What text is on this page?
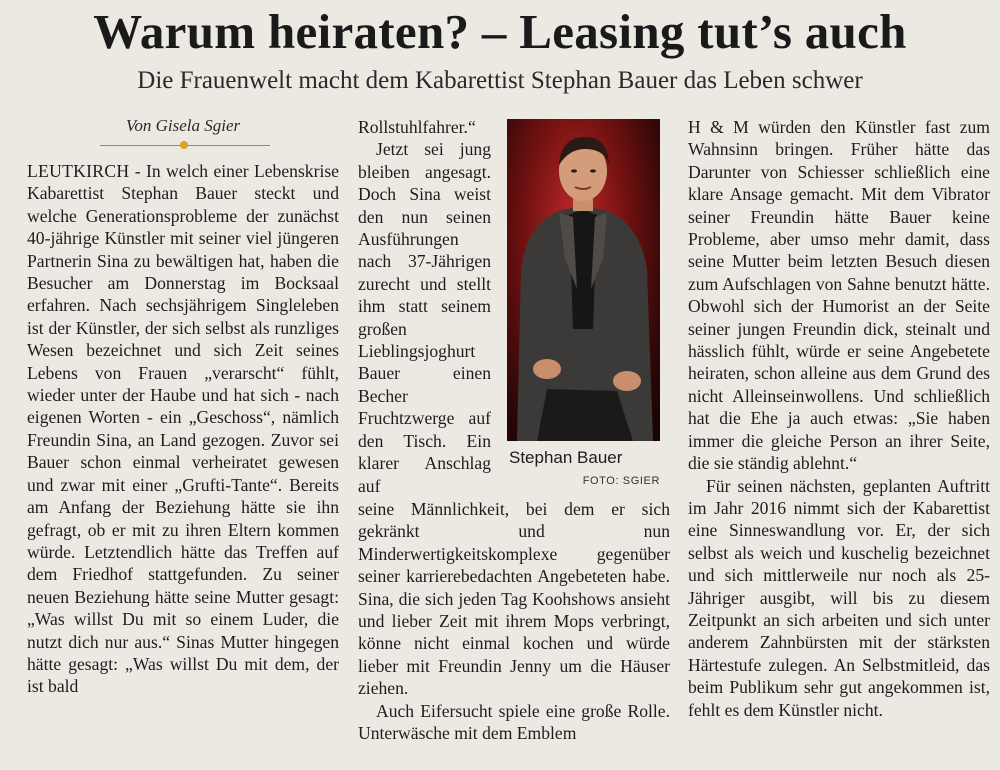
Warum heiraten? – Leasing tut’s auch
Die Frauenwelt macht dem Kabarettist Stephan Bauer das Leben schwer
Von Gisela Sgier

LEUTKIRCH - In welch einer Lebenskrise Kabarettist Stephan Bauer steckt und welche Generationsprobleme der zunächst 40-jährige Künstler mit seiner viel jüngeren Partnerin Sina zu bewältigen hat, haben die Besucher am Donnerstag im Bocksaal erfahren. Nach sechsjährigem Singleleben ist der Künstler, der sich selbst als runzliges Wesen bezeichnet und sich Zeit seines Lebens von Frauen „verarscht“ fühlt, wieder unter der Haube und hat sich - nach eigenen Worten - ein „Geschoss“, nämlich Freundin Sina, an Land gezogen. Zuvor sei Bauer schon einmal verheiratet gewesen und zwar mit einer „Grufti-Tante“. Bereits am Anfang der Beziehung hätte sie ihn gefragt, ob er mit zu ihren Eltern kommen würde. Letztendlich hätte das Treffen auf dem Friedhof stattgefunden. Zu seiner neuen Beziehung hätte seine Mutter gesagt: „Was willst Du mit so einem Luder, die nutzt dich nur aus.“ Sinas Mutter hingegen hätte gesagt: „Was willst Du mit dem, der ist bald

Rollstuhlfahrer.“

Jetzt sei jung bleiben angesagt. Doch Sina weist den nun seinen Ausführungen nach 37-Jährigen zurecht und stellt ihm statt seinem großen Lieblingsjoghurt Bauer einen Becher Fruchtzwerge auf den Tisch. Ein klarer Anschlag auf

Stephan Bauer
FOTO: SGIER

seine Männlichkeit, bei dem er sich gekränkt und nun Minderwertigkeitskomplexe gegenüber seiner karrierebedachten Angebeteten habe. Sina, die sich jeden Tag Koohshows ansieht und lieber Zeit mit ihrem Mops verbringt, könne nicht einmal kochen und würde lieber mit Freundin Jenny um die Häuser ziehen.

Auch Eifersucht spiele eine große Rolle. Unterwäsche mit dem Emblem

H & M würden den Künstler fast zum Wahnsinn bringen. Früher hätte das Darunter von Schiesser schließlich eine klare Ansage gemacht. Mit dem Vibrator seiner Freundin hätte Bauer keine Probleme, aber umso mehr damit, dass seine Mutter beim letzten Besuch diesen zum Aufschlagen von Sahne benutzt hätte. Obwohl sich der Humorist an der Seite seiner jungen Freundin dick, steinalt und hässlich fühlt, würde er seine Angebetete heiraten, schon alleine aus dem Grund des nicht Alleinseinwollens. Und schließlich hat die Ehe ja auch etwas: „Sie haben immer die gleiche Person an ihrer Seite, die sie ständig ablehnt.“

Für seinen nächsten, geplanten Auftritt im Jahr 2016 nimmt sich der Kabarettist eine Sinneswandlung vor. Er, der sich selbst als weich und kuschelig bezeichnet und sich mittlerweile nur noch als 25-Jähriger ausgibt, will bis zu diesem Zeitpunkt an sich arbeiten und sich unter anderem Zahnbürsten mit der stärksten Härtestufe zulegen. An Selbstmitleid, das beim Publikum sehr gut angekommen ist, fehlt es dem Künstler nicht.
